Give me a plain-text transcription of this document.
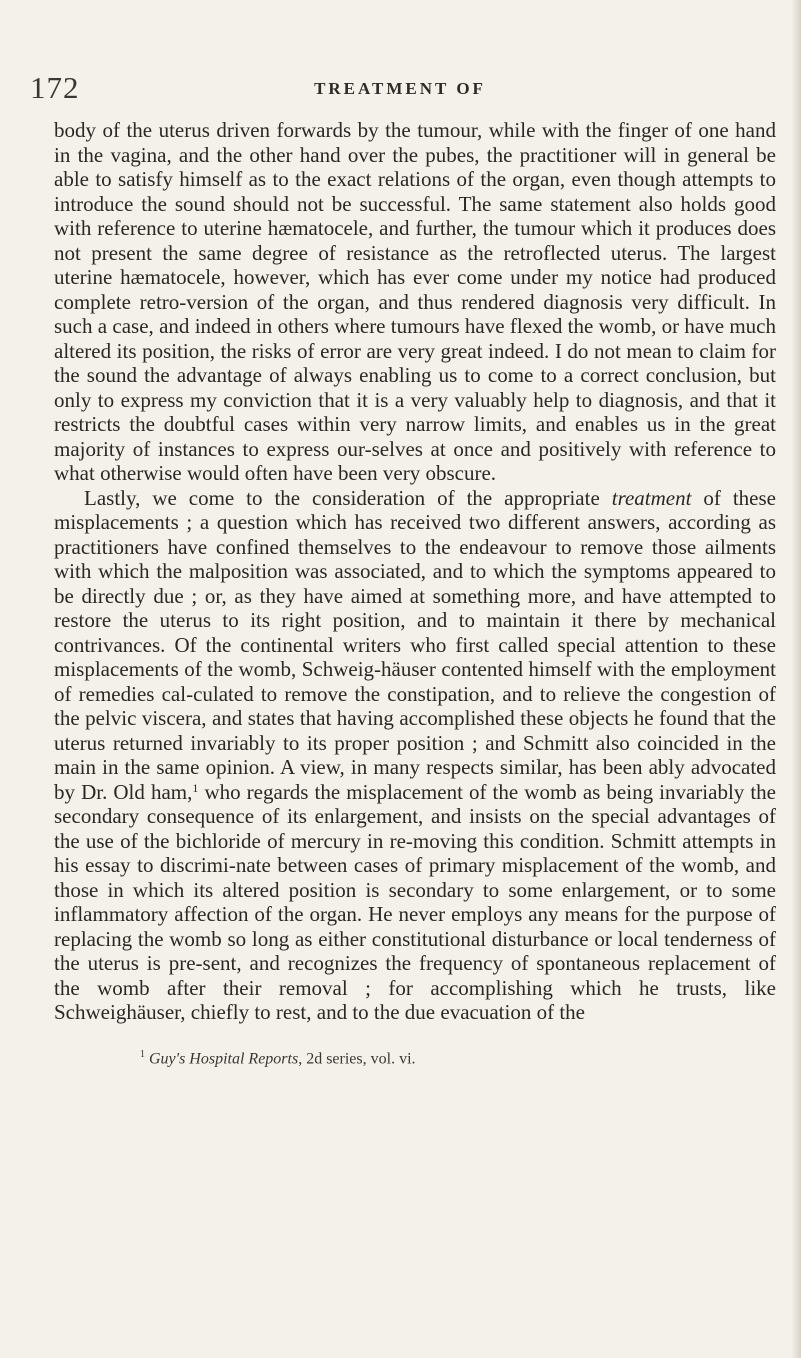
172	TREATMENT OF

body of the uterus driven forwards by the tumour, while with the finger of one hand in the vagina, and the other hand over the pubes, the practitioner will in general be able to satisfy himself as to the exact relations of the organ, even though attempts to introduce the sound should not be successful. The same statement also holds good with reference to uterine hæmatocele, and further, the tumour which it produces does not present the same degree of resistance as the retroflected uterus. The largest uterine hæmatocele, however, which has ever come under my notice had produced complete retro-version of the organ, and thus rendered diagnosis very difficult. In such a case, and indeed in others where tumours have flexed the womb, or have much altered its position, the risks of error are very great indeed. I do not mean to claim for the sound the advantage of always enabling us to come to a correct conclusion, but only to express my conviction that it is a very valuably help to diagnosis, and that it restricts the doubtful cases within very narrow limits, and enables us in the great majority of instances to express our-selves at once and positively with reference to what otherwise would often have been very obscure.

Lastly, we come to the consideration of the appropriate treatment of these misplacements ; a question which has received two different answers, according as practitioners have confined themselves to the endeavour to remove those ailments with which the malposition was associated, and to which the symptoms appeared to be directly due ; or, as they have aimed at something more, and have attempted to restore the uterus to its right position, and to maintain it there by mechanical contrivances. Of the continental writers who first called special attention to these misplacements of the womb, Schweig-häuser contented himself with the employment of remedies cal-culated to remove the constipation, and to relieve the congestion of the pelvic viscera, and states that having accomplished these objects he found that the uterus returned invariably to its proper position ; and Schmitt also coincided in the main in the same opinion. A view, in many respects similar, has been ably advocated by Dr. Old ham,$^1$ who regards the misplacement of the womb as being invariably the secondary consequence of its enlargement, and insists on the special advantages of the use of the bichloride of mercury in re-moving this condition. Schmitt attempts in his essay to discrimi-nate between cases of primary misplacement of the womb, and those in which its altered position is secondary to some enlargement, or to some inflammatory affection of the organ. He never employs any means for the purpose of replacing the womb so long as either constitutional disturbance or local tenderness of the uterus is pre-sent, and recognizes the frequency of spontaneous replacement of the womb after their removal ; for accomplishing which he trusts, like Schweighäuser, chiefly to rest, and to the due evacuation of the

$^1$ Guy's Hospital Reports, 2d series, vol. vi.
